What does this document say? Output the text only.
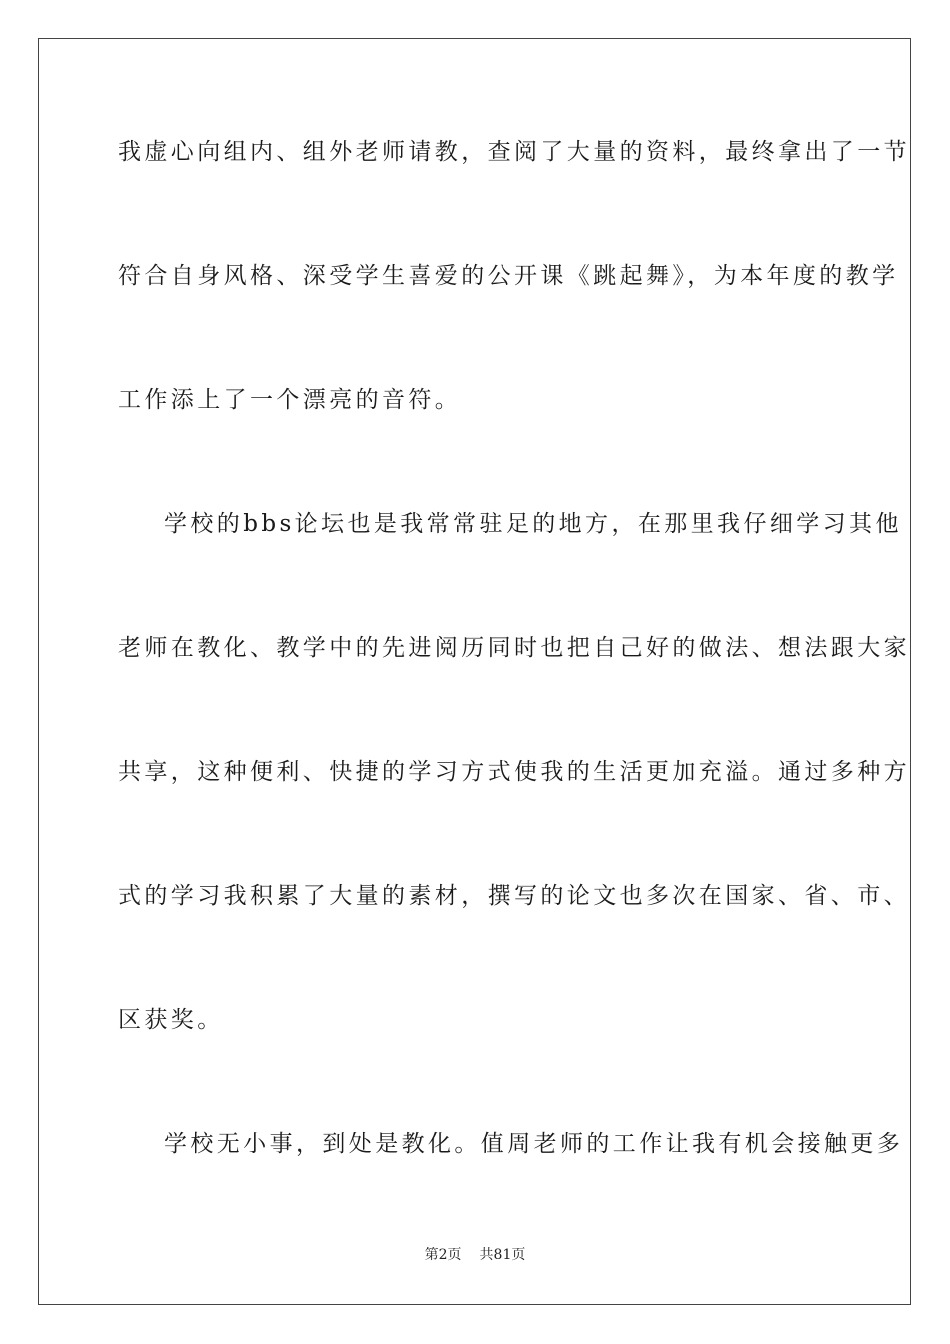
我虚心向组内、组外老师请教，查阅了大量的资料，最终拿出了一节
符合自身风格、深受学生喜爱的公开课《跳起舞》，为本年度的教学
工作添上了一个漂亮的音符。
学校的bbs论坛也是我常常驻足的地方，在那里我仔细学习其他
老师在教化、教学中的先进阅历同时也把自己好的做法、想法跟大家
共享，这种便利、快捷的学习方式使我的生活更加充溢。通过多种方
式的学习我积累了大量的素材，撰写的论文也多次在国家、省、市、
区获奖。
学校无小事，到处是教化。值周老师的工作让我有机会接触更多
第2页 共81页
